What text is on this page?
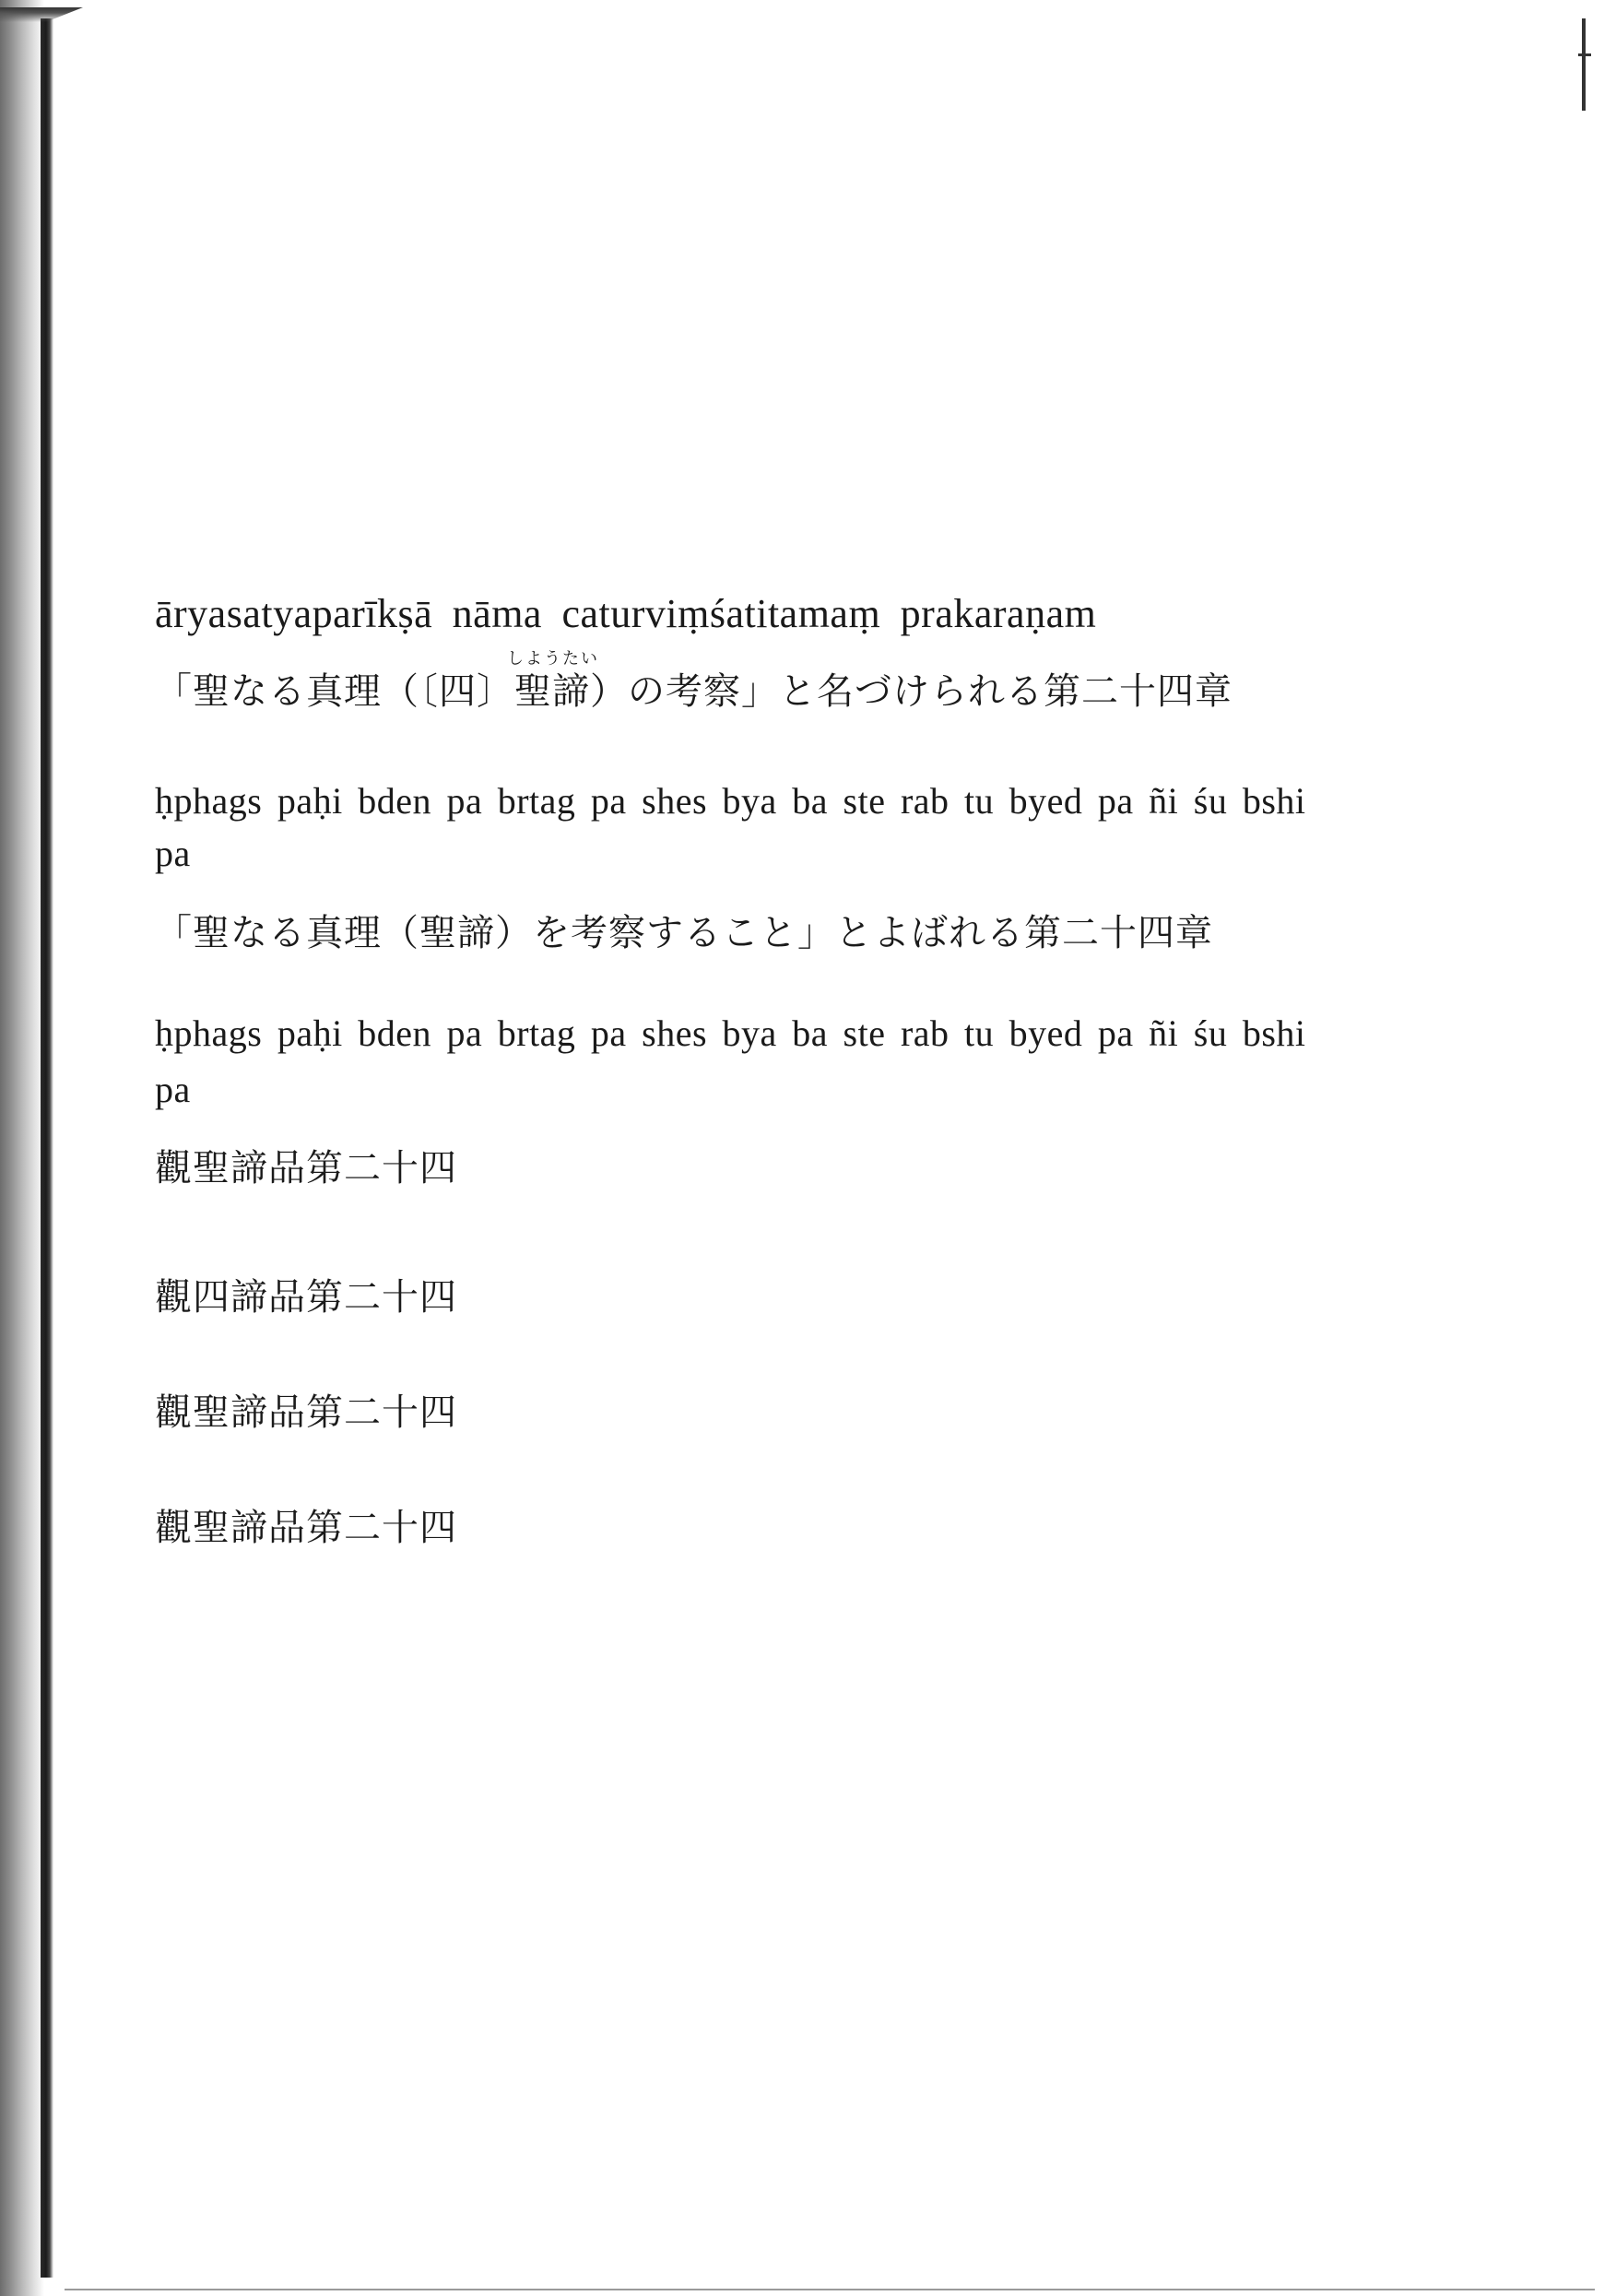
āryasatyaparīkṣā nāma caturviṃśatitamaṃ prakaraṇam

しようたい

「聖なる真理（〔四〕聖諦）の考察」と名づけられる第二十四章

ḥphags paḥi bden pa brtag pa shes bya ba ste rab tu byed pa ñi śu bshi

pa

「聖なる真理（聖諦）を考察すること」とよばれる第二十四章

ḥphags paḥi bden pa brtag pa shes bya ba ste rab tu byed pa ñi śu bshi

pa

觀聖諦品第二十四

觀四諦品第二十四

觀聖諦品第二十四

觀聖諦品第二十四
